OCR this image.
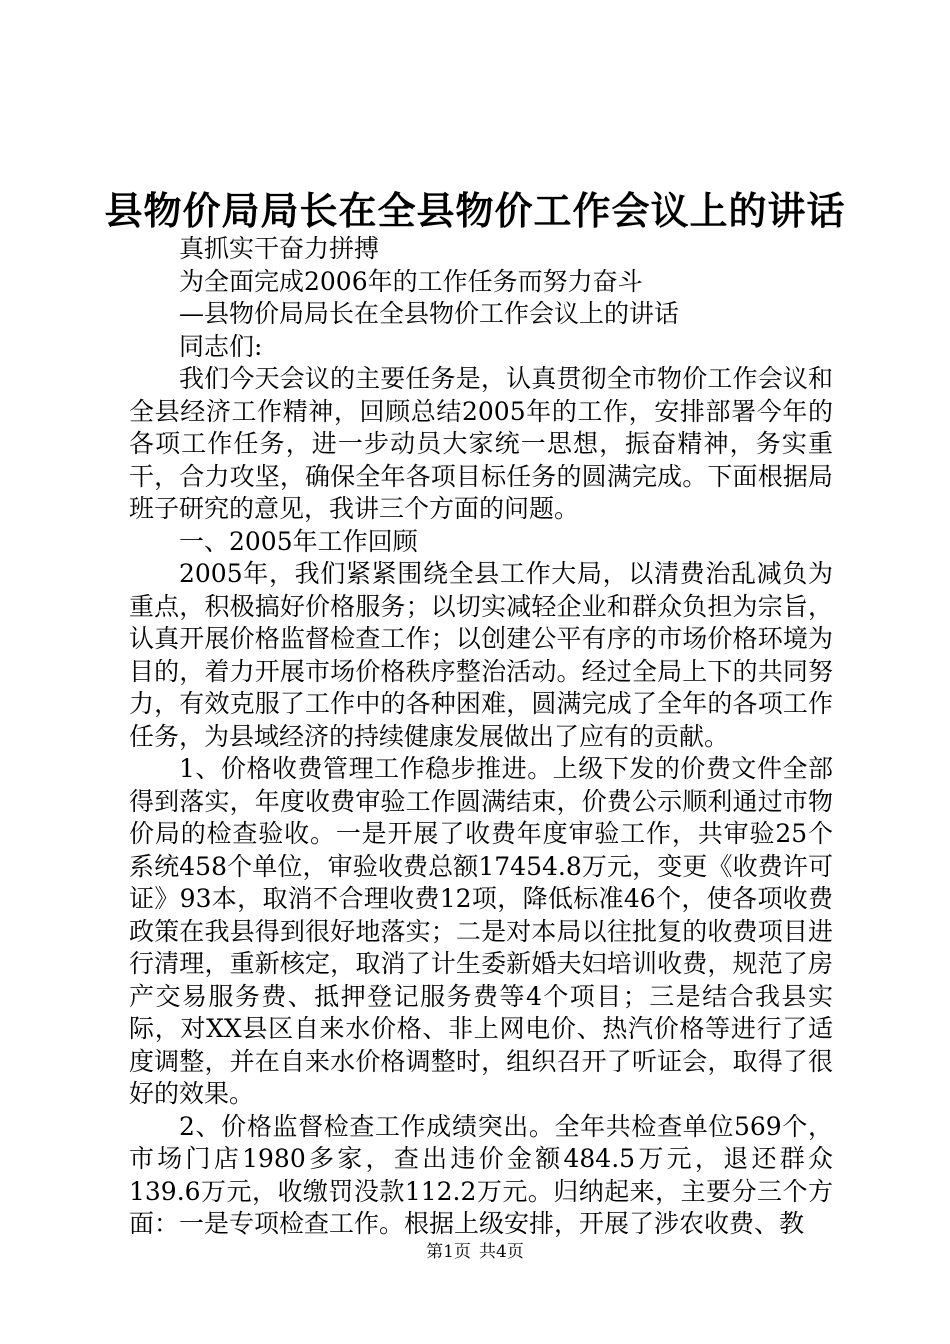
县物价局局长在全县物价工作会议上的讲话
真抓实干奋力拼搏
为全面完成2006年的工作任务而努力奋斗
—县物价局局长在全县物价工作会议上的讲话
同志们:
我们今天会议的主要任务是，认真贯彻全市物价工作会议和全县经济工作精神，回顾总结2005年的工作，安排部署今年的各项工作任务，进一步动员大家统一思想，振奋精神，务实重干，合力攻坚，确保全年各项目标任务的圆满完成。下面根据局班子研究的意见，我讲三个方面的问题。
一、2005年工作回顾
2005年，我们紧紧围绕全县工作大局，以清费治乱减负为重点，积极搞好价格服务；以切实减轻企业和群众负担为宗旨，认真开展价格监督检查工作；以创建公平有序的市场价格环境为目的，着力开展市场价格秩序整治活动。经过全局上下的共同努力，有效克服了工作中的各种困难，圆满完成了全年的各项工作任务，为县域经济的持续健康发展做出了应有的贡献。
1、价格收费管理工作稳步推进。上级下发的价费文件全部得到落实，年度收费审验工作圆满结束，价费公示顺利通过市物价局的检查验收。一是开展了收费年度审验工作，共审验25个系统458个单位，审验收费总额17454.8万元，变更《收费许可证》93本，取消不合理收费12项，降低标准46个，使各项收费政策在我县得到很好地落实；二是对本局以往批复的收费项目进行清理，重新核定，取消了计生委新婚夫妇培训收费，规范了房产交易服务费、抵押登记服务费等4个项目；三是结合我县实际，对XX县区自来水价格、非上网电价、热汽价格等进行了适度调整，并在自来水价格调整时，组织召开了听证会，取得了很好的效果。
2、价格监督检查工作成绩突出。全年共检查单位569个，市场门店1980多家，查出违价金额484.5万元，退还群众139.6万元，收缴罚没款112.2万元。归纳起来，主要分三个方面：一是专项检查工作。根据上级安排，开展了涉农收费、教
第1页 共4页
